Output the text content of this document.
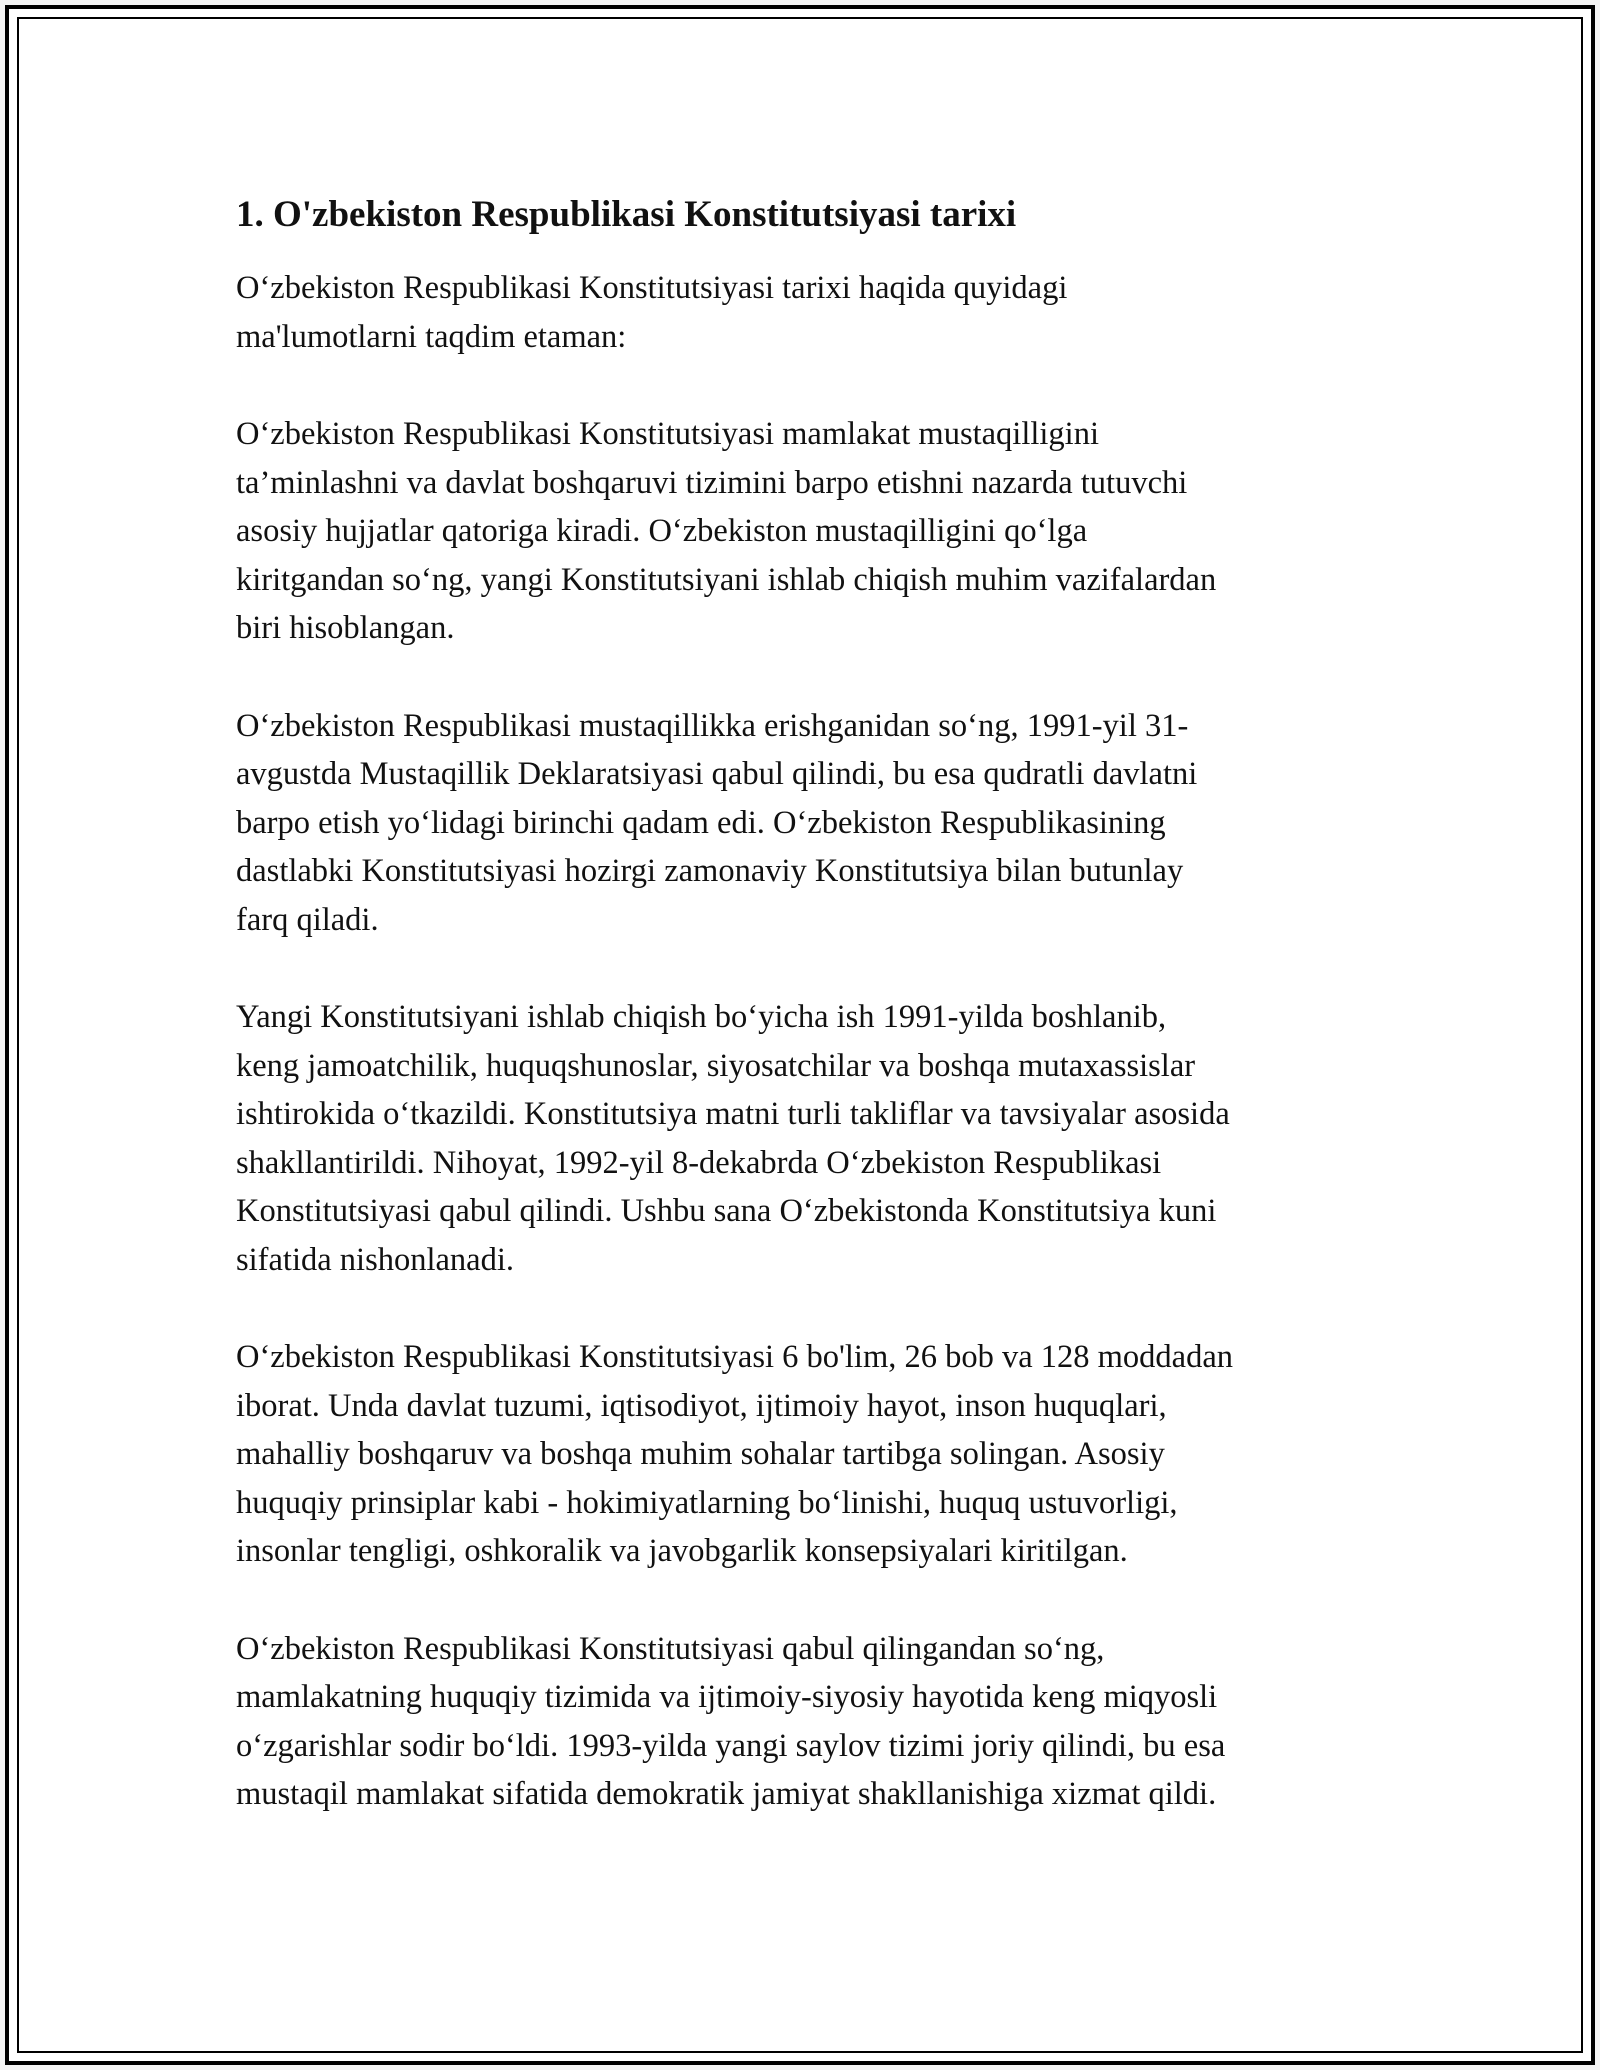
1. O'zbekiston Respublikasi Konstitutsiyasi tarixi

O‘zbekiston Respublikasi Konstitutsiyasi tarixi haqida quyidagi
ma'lumotlarni taqdim etaman:

O‘zbekiston Respublikasi Konstitutsiyasi mamlakat mustaqilligini
ta’minlashni va davlat boshqaruvi tizimini barpo etishni nazarda tutuvchi
asosiy hujjatlar qatoriga kiradi. O‘zbekiston mustaqilligini qo‘lga
kiritgandan so‘ng, yangi Konstitutsiyani ishlab chiqish muhim vazifalardan
biri hisoblangan.

O‘zbekiston Respublikasi mustaqillikka erishganidan so‘ng, 1991-yil 31-
avgustda Mustaqillik Deklaratsiyasi qabul qilindi, bu esa qudratli davlatni
barpo etish yo‘lidagi birinchi qadam edi. O‘zbekiston Respublikasining
dastlabki Konstitutsiyasi hozirgi zamonaviy Konstitutsiya bilan butunlay
farq qiladi.

Yangi Konstitutsiyani ishlab chiqish bo‘yicha ish 1991-yilda boshlanib,
keng jamoatchilik, huquqshunoslar, siyosatchilar va boshqa mutaxassislar
ishtirokida o‘tkazildi. Konstitutsiya matni turli takliflar va tavsiyalar asosida
shakllantirildi. Nihoyat, 1992-yil 8-dekabrda O‘zbekiston Respublikasi
Konstitutsiyasi qabul qilindi. Ushbu sana O‘zbekistonda Konstitutsiya kuni
sifatida nishonlanadi.

O‘zbekiston Respublikasi Konstitutsiyasi 6 bo'lim, 26 bob va 128 moddadan
iborat. Unda davlat tuzumi, iqtisodiyot, ijtimoiy hayot, inson huquqlari,
mahalliy boshqaruv va boshqa muhim sohalar tartibga solingan. Asosiy
huquqiy prinsiplar kabi - hokimiyatlarning bo‘linishi, huquq ustuvorligi,
insonlar tengligi, oshkoralik va javobgarlik konsepsiyalari kiritilgan.

O‘zbekiston Respublikasi Konstitutsiyasi qabul qilingandan so‘ng,
mamlakatning huquqiy tizimida va ijtimoiy-siyosiy hayotida keng miqyosli
o‘zgarishlar sodir bo‘ldi. 1993-yilda yangi saylov tizimi joriy qilindi, bu esa
mustaqil mamlakat sifatida demokratik jamiyat shakllanishiga xizmat qildi.
